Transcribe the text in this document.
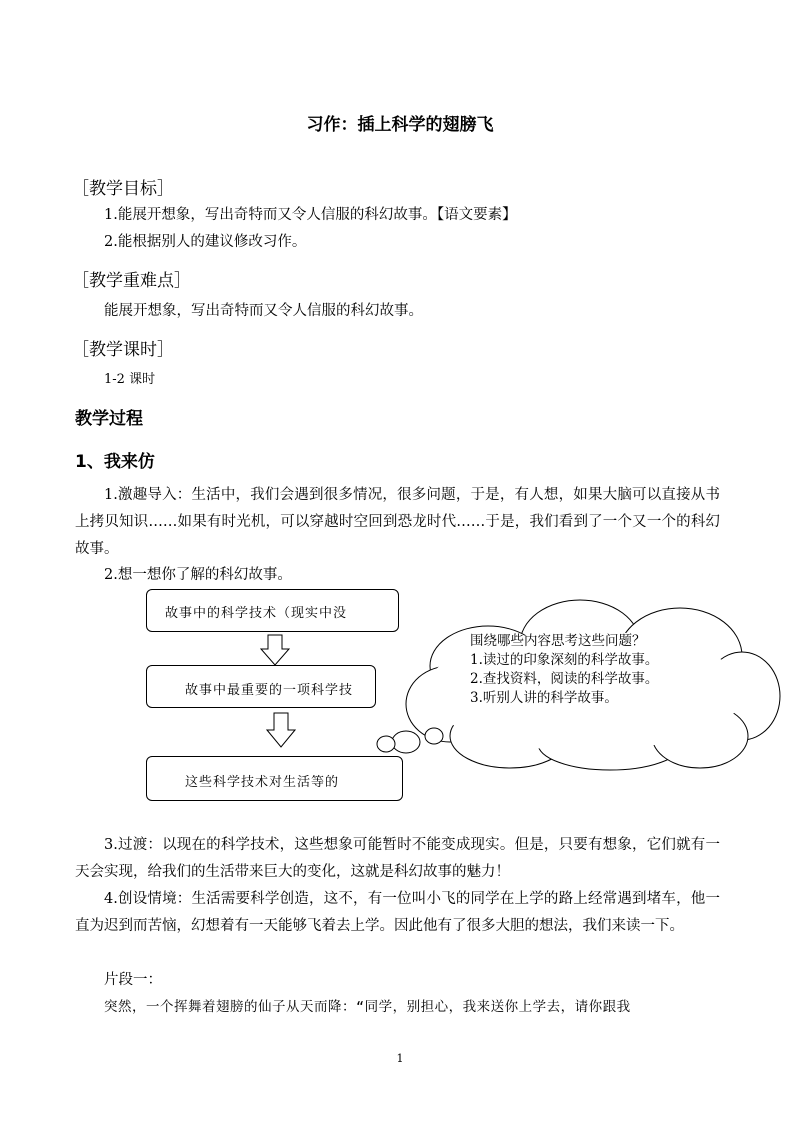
习作：插上科学的翅膀飞
［教学目标］
1.能展开想象，写出奇特而又令人信服的科幻故事。【语文要素】
2.能根据别人的建议修改习作。
［教学重难点］
能展开想象，写出奇特而又令人信服的科幻故事。
［教学课时］
1-2 课时
教学过程
1、我来仿
1.激趣导入：生活中，我们会遇到很多情况，很多问题，于是，有人想，如果大脑可以直接从书上拷贝知识……如果有时光机，可以穿越时空回到恐龙时代……于是，我们看到了一个又一个的科幻故事。
2.想一想你了解的科幻故事。
故事中的科学技术（现实中没
故事中最重要的一项科学技
这些科学技术对生活等的
围绕哪些内容思考这些问题？
1.读过的印象深刻的科学故事。
2.查找资料，阅读的科学故事。
3.听别人讲的科学故事。
3.过渡：以现在的科学技术，这些想象可能暂时不能变成现实。但是，只要有想象，它们就有一天会实现，给我们的生活带来巨大的变化，这就是科幻故事的魅力！
4.创设情境：生活需要科学创造，这不，有一位叫小飞的同学在上学的路上经常遇到堵车，他一直为迟到而苦恼，幻想着有一天能够飞着去上学。因此他有了很多大胆的想法，我们来读一下。
片段一：
突然，一个挥舞着翅膀的仙子从天而降：“同学，别担心，我来送你上学去，请你跟我
1
